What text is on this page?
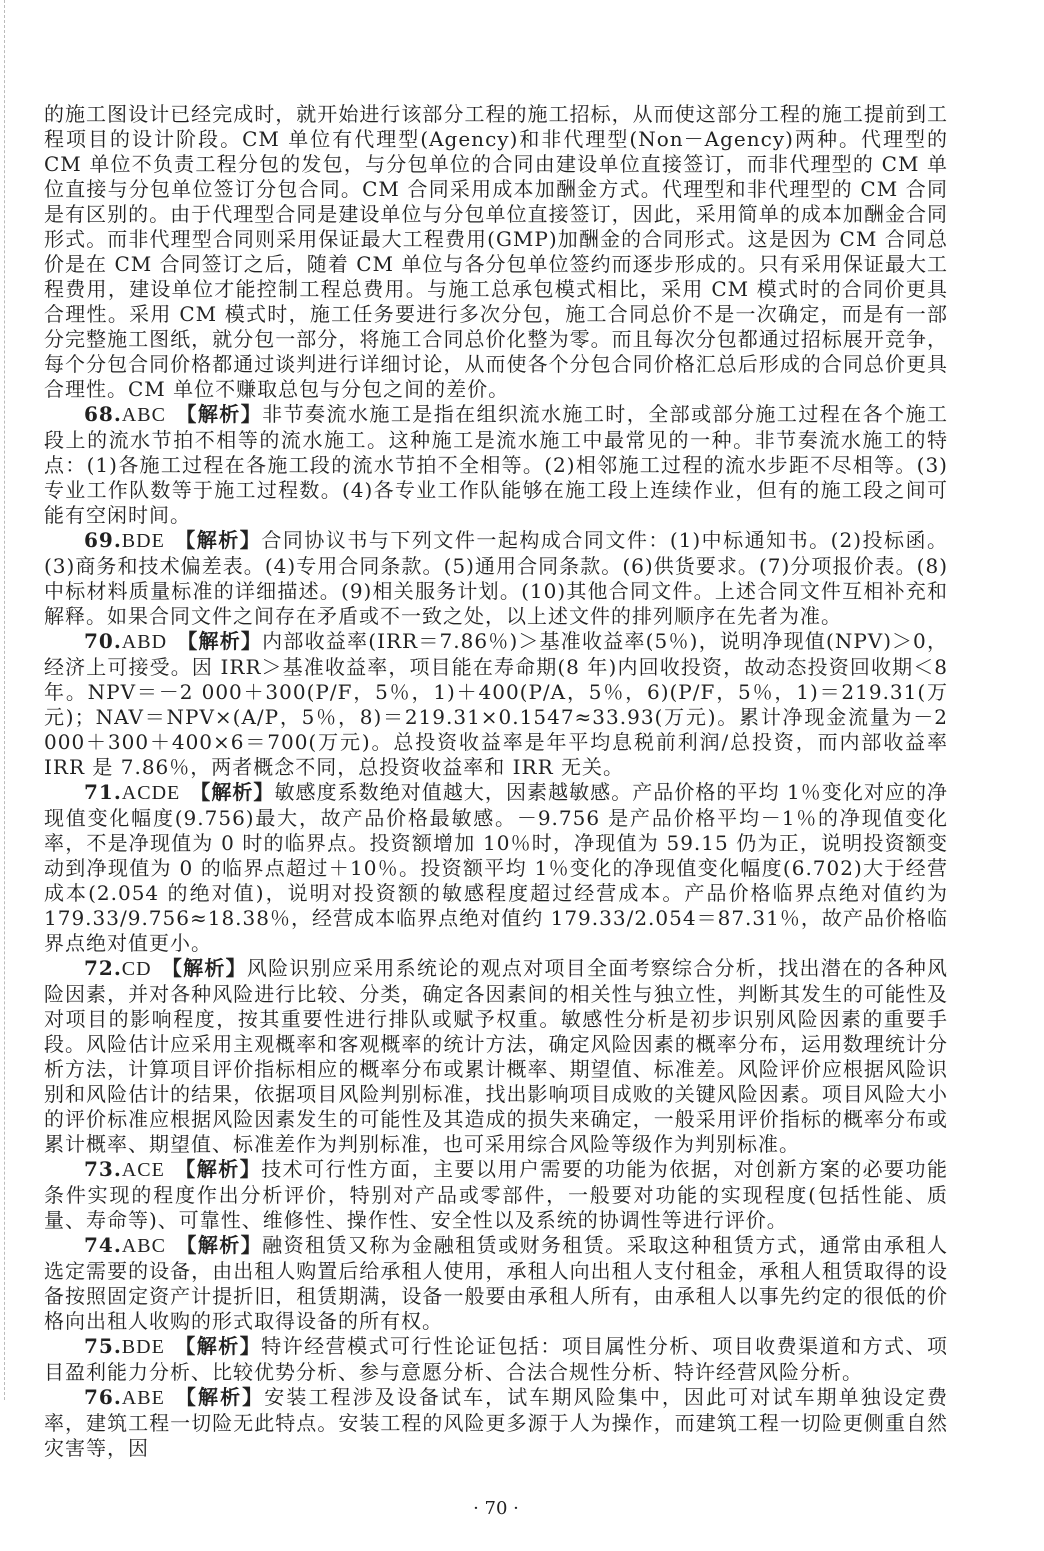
的施工图设计已经完成时，就开始进行该部分工程的施工招标，从而使这部分工程的施工提前到工程项目的设计阶段。CM 单位有代理型(Agency)和非代理型(Non－Agency)两种。代理型的 CM 单位不负责工程分包的发包，与分包单位的合同由建设单位直接签订，而非代理型的 CM 单位直接与分包单位签订分包合同。CM 合同采用成本加酬金方式。代理型和非代理型的 CM 合同是有区别的。由于代理型合同是建设单位与分包单位直接签订，因此，采用简单的成本加酬金合同形式。而非代理型合同则采用保证最大工程费用(GMP)加酬金的合同形式。这是因为 CM 合同总价是在 CM 合同签订之后，随着 CM 单位与各分包单位签约而逐步形成的。只有采用保证最大工程费用，建设单位才能控制工程总费用。与施工总承包模式相比，采用 CM 模式时的合同价更具合理性。采用 CM 模式时，施工任务要进行多次分包，施工合同总价不是一次确定，而是有一部分完整施工图纸，就分包一部分，将施工合同总价化整为零。而且每次分包都通过招标展开竞争，每个分包合同价格都通过谈判进行详细讨论，从而使各个分包合同价格汇总后形成的合同总价更具合理性。CM 单位不赚取总包与分包之间的差价。

68.ABC 【解析】非节奏流水施工是指在组织流水施工时，全部或部分施工过程在各个施工段上的流水节拍不相等的流水施工。这种施工是流水施工中最常见的一种。非节奏流水施工的特点：(1)各施工过程在各施工段的流水节拍不全相等。(2)相邻施工过程的流水步距不尽相等。(3)专业工作队数等于施工过程数。(4)各专业工作队能够在施工段上连续作业，但有的施工段之间可能有空闲时间。

69.BDE 【解析】合同协议书与下列文件一起构成合同文件：(1)中标通知书。(2)投标函。(3)商务和技术偏差表。(4)专用合同条款。(5)通用合同条款。(6)供货要求。(7)分项报价表。(8)中标材料质量标准的详细描述。(9)相关服务计划。(10)其他合同文件。上述合同文件互相补充和解释。如果合同文件之间存在矛盾或不一致之处，以上述文件的排列顺序在先者为准。

70.ABD 【解析】内部收益率(IRR＝7.86％)＞基准收益率(5％)，说明净现值(NPV)＞0，经济上可接受。因 IRR＞基准收益率，项目能在寿命期(8 年)内回收投资，故动态投资回收期＜8 年。NPV＝－2 000＋300(P/F，5％，1)＋400(P/A，5％，6)(P/F，5％，1)＝219.31(万元)；NAV＝NPV×(A/P，5％，8)＝219.31×0.1547≈33.93(万元)。累计净现金流量为－2 000＋300＋400×6＝700(万元)。总投资收益率是年平均息税前利润/总投资，而内部收益率 IRR 是 7.86％，两者概念不同，总投资收益率和 IRR 无关。

71.ACDE 【解析】敏感度系数绝对值越大，因素越敏感。产品价格的平均 1％变化对应的净现值变化幅度(9.756)最大，故产品价格最敏感。－9.756 是产品价格平均－1％的净现值变化率，不是净现值为 0 时的临界点。投资额增加 10％时，净现值为 59.15 仍为正，说明投资额变动到净现值为 0 的临界点超过＋10％。投资额平均 1％变化的净现值变化幅度(6.702)大于经营成本(2.054 的绝对值)，说明对投资额的敏感程度超过经营成本。产品价格临界点绝对值约为 179.33/9.756≈18.38％，经营成本临界点绝对值约 179.33/2.054＝87.31％，故产品价格临界点绝对值更小。

72.CD 【解析】风险识别应采用系统论的观点对项目全面考察综合分析，找出潜在的各种风险因素，并对各种风险进行比较、分类，确定各因素间的相关性与独立性，判断其发生的可能性及对项目的影响程度，按其重要性进行排队或赋予权重。敏感性分析是初步识别风险因素的重要手段。风险估计应采用主观概率和客观概率的统计方法，确定风险因素的概率分布，运用数理统计分析方法，计算项目评价指标相应的概率分布或累计概率、期望值、标准差。风险评价应根据风险识别和风险估计的结果，依据项目风险判别标准，找出影响项目成败的关键风险因素。项目风险大小的评价标准应根据风险因素发生的可能性及其造成的损失来确定，一般采用评价指标的概率分布或累计概率、期望值、标准差作为判别标准，也可采用综合风险等级作为判别标准。

73.ACE 【解析】技术可行性方面，主要以用户需要的功能为依据，对创新方案的必要功能条件实现的程度作出分析评价，特别对产品或零部件，一般要对功能的实现程度(包括性能、质量、寿命等)、可靠性、维修性、操作性、安全性以及系统的协调性等进行评价。

74.ABC 【解析】融资租赁又称为金融租赁或财务租赁。采取这种租赁方式，通常由承租人选定需要的设备，由出租人购置后给承租人使用，承租人向出租人支付租金，承租人租赁取得的设备按照固定资产计提折旧，租赁期满，设备一般要由承租人所有，由承租人以事先约定的很低的价格向出租人收购的形式取得设备的所有权。

75.BDE 【解析】特许经营模式可行性论证包括：项目属性分析、项目收费渠道和方式、项目盈利能力分析、比较优势分析、参与意愿分析、合法合规性分析、特许经营风险分析。

76.ABE 【解析】安装工程涉及设备试车，试车期风险集中，因此可对试车期单独设定费率，建筑工程一切险无此特点。安装工程的风险更多源于人为操作，而建筑工程一切险更侧重自然灾害等，因

· 70 ·
